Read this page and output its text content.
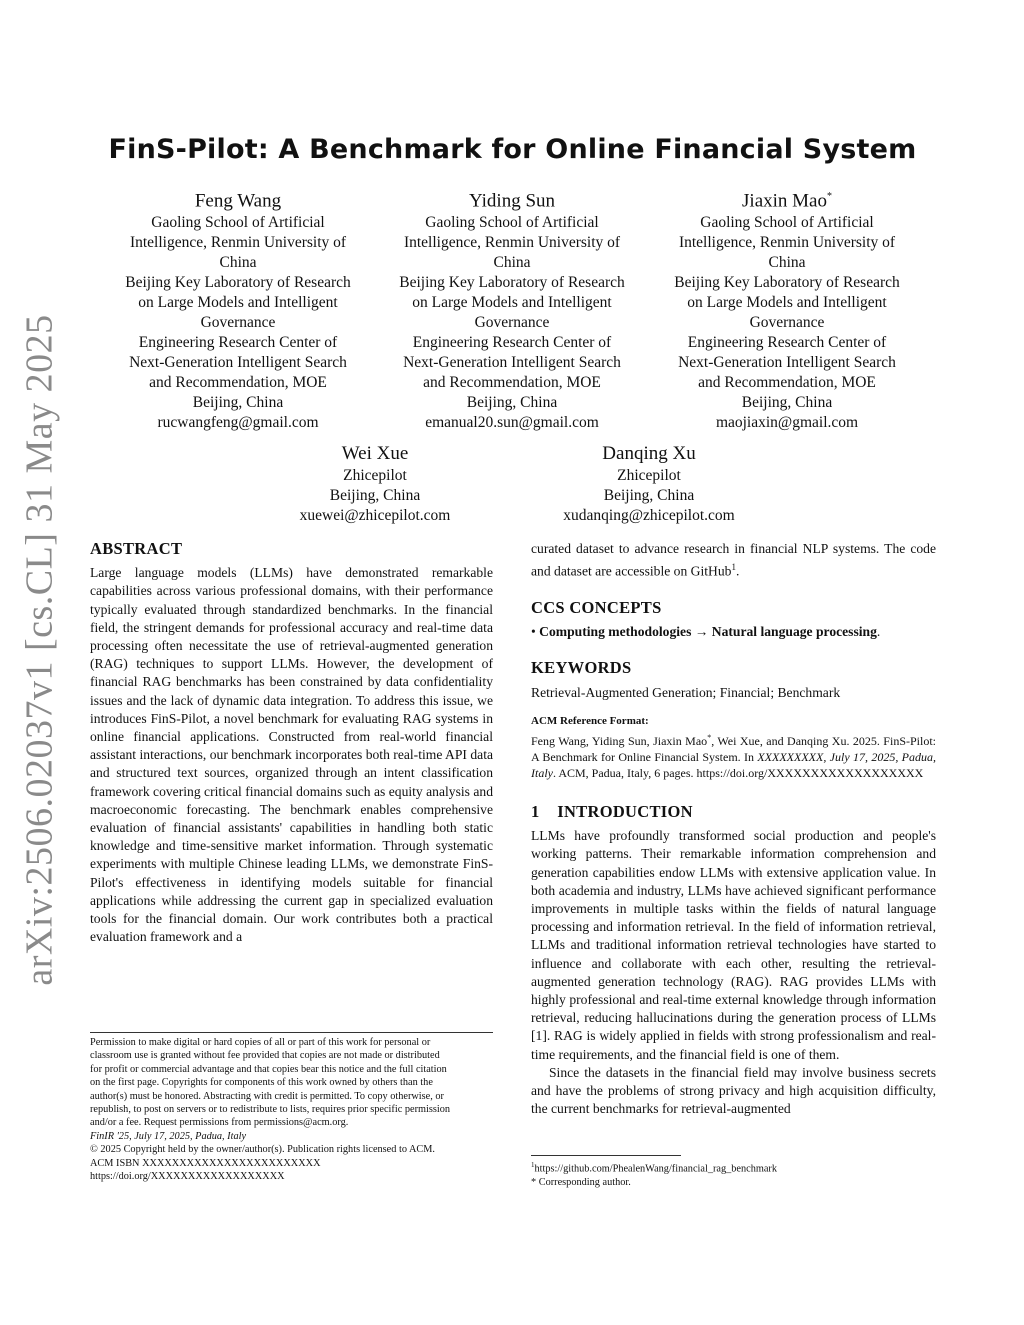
arXiv:2506.02037v1 [cs.CL] 31 May 2025
FinS-Pilot: A Benchmark for Online Financial System
Feng Wang
Gaoling School of Artificial
Intelligence, Renmin University of
China
Beijing Key Laboratory of Research
on Large Models and Intelligent
Governance
Engineering Research Center of
Next-Generation Intelligent Search
and Recommendation, MOE
Beijing, China
rucwangfeng@gmail.com
Yiding Sun
Gaoling School of Artificial
Intelligence, Renmin University of
China
Beijing Key Laboratory of Research
on Large Models and Intelligent
Governance
Engineering Research Center of
Next-Generation Intelligent Search
and Recommendation, MOE
Beijing, China
emanual20.sun@gmail.com
Jiaxin Mao*
Gaoling School of Artificial
Intelligence, Renmin University of
China
Beijing Key Laboratory of Research
on Large Models and Intelligent
Governance
Engineering Research Center of
Next-Generation Intelligent Search
and Recommendation, MOE
Beijing, China
maojiaxin@gmail.com
Wei Xue
Zhicepilot
Beijing, China
xuewei@zhicepilot.com
Danqing Xu
Zhicepilot
Beijing, China
xudanqing@zhicepilot.com
ABSTRACT

Large language models (LLMs) have demonstrated remarkable capabilities across various professional domains, with their performance typically evaluated through standardized benchmarks. In the financial field, the stringent demands for professional accuracy and real-time data processing often necessitate the use of retrieval-augmented generation (RAG) techniques to support LLMs. However, the development of financial RAG benchmarks has been constrained by data confidentiality issues and the lack of dynamic data integration. To address this issue, we introduces FinS-Pilot, a novel benchmark for evaluating RAG systems in online financial applications. Constructed from real-world financial assistant interactions, our benchmark incorporates both real-time API data and structured text sources, organized through an intent classification framework covering critical financial domains such as equity analysis and macroeconomic forecasting. The benchmark enables comprehensive evaluation of financial assistants' capabilities in handling both static knowledge and time-sensitive market information. Through systematic experiments with multiple Chinese leading LLMs, we demonstrate FinS-Pilot's effectiveness in identifying models suitable for financial applications while addressing the current gap in specialized evaluation tools for the financial domain. Our work contributes both a practical evaluation framework and a

Permission to make digital or hard copies of all or part of this work for personal or
classroom use is granted without fee provided that copies are not made or distributed
for profit or commercial advantage and that copies bear this notice and the full citation
on the first page. Copyrights for components of this work owned by others than the
author(s) must be honored. Abstracting with credit is permitted. To copy otherwise, or
republish, to post on servers or to redistribute to lists, requires prior specific permission
and/or a fee. Request permissions from permissions@acm.org.
FinIR '25, July 17, 2025, Padua, Italy
© 2025 Copyright held by the owner/author(s). Publication rights licensed to ACM.
ACM ISBN XXXXXXXXXXXXXXXXXXXXXXXX
https://doi.org/XXXXXXXXXXXXXXXXXX

curated dataset to advance research in financial NLP systems. The code and dataset are accessible on GitHub$^1$.

CCS CONCEPTS

• Computing methodologies → Natural language processing.

KEYWORDS

Retrieval-Augmented Generation; Financial; Benchmark

ACM Reference Format:

Feng Wang, Yiding Sun, Jiaxin Mao*, Wei Xue, and Danqing Xu. 2025. FinS-Pilot: A Benchmark for Online Financial System. In XXXXXXXXX, July 17, 2025, Padua, Italy. ACM, Padua, Italy, 6 pages. https://doi.org/XXXXXXXXXXXXXXXXXX

1    INTRODUCTION

LLMs have profoundly transformed social production and people's working patterns. Their remarkable information comprehension and generation capabilities endow LLMs with extensive application value. In both academia and industry, LLMs have achieved significant performance improvements in multiple tasks within the fields of natural language processing and information retrieval. In the field of information retrieval, LLMs and traditional information retrieval technologies have started to influence and collaborate with each other, resulting the retrieval-augmented generation technology (RAG). RAG provides LLMs with highly professional and real-time external knowledge through information retrieval, reducing hallucinations during the generation process of LLMs [1]. RAG is widely applied in fields with strong professionalism and real-time requirements, and the financial field is one of them.

Since the datasets in the financial field may involve business secrets and have the problems of strong privacy and high acquisition difficulty, the current benchmarks for retrieval-augmented

$^1$https://github.com/PhealenWang/financial_rag_benchmark
* Corresponding author.
